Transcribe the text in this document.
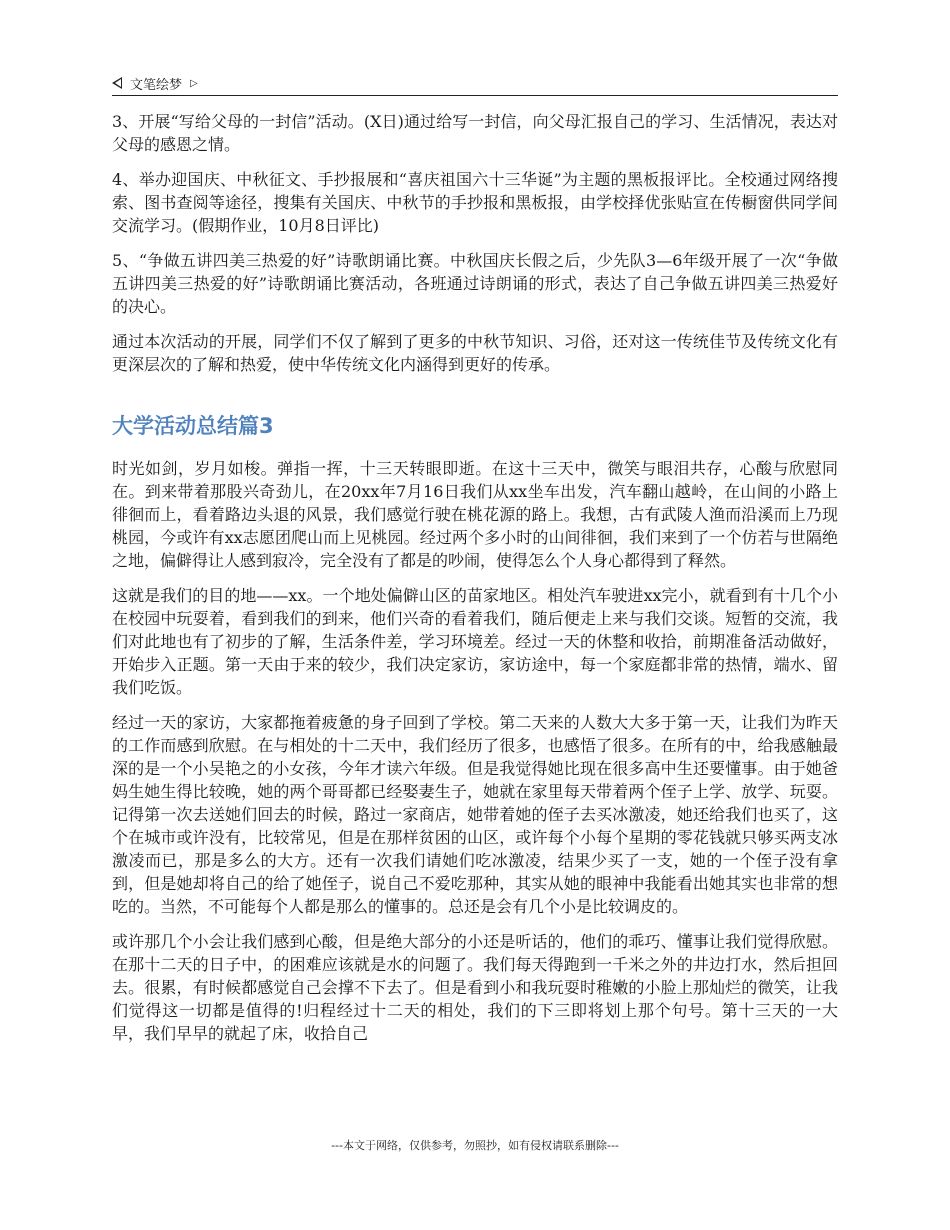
文笔绘梦 ▷

3、开展“写给父母的一封信”活动。(X日)通过给写一封信，向父母汇报自己的学习、生活情况，表达对父母的感恩之情。

4、举办迎国庆、中秋征文、手抄报展和“喜庆祖国六十三华诞”为主题的黑板报评比。全校通过网络搜索、图书查阅等途径，搜集有关国庆、中秋节的手抄报和黑板报，由学校择优张贴宣在传橱窗供同学间交流学习。(假期作业，10月8日评比)

5、“争做五讲四美三热爱的好”诗歌朗诵比赛。中秋国庆长假之后，少先队3—6年级开展了一次“争做五讲四美三热爱的好”诗歌朗诵比赛活动，各班通过诗朗诵的形式，表达了自己争做五讲四美三热爱好的决心。

通过本次活动的开展，同学们不仅了解到了更多的中秋节知识、习俗，还对这一传统佳节及传统文化有更深层次的了解和热爱，使中华传统文化内涵得到更好的传承。

大学活动总结篇3

时光如剑，岁月如梭。弹指一挥，十三天转眼即逝。在这十三天中，微笑与眼泪共存，心酸与欣慰同在。到来带着那股兴奇劲儿，在20xx年7月16日我们从xx坐车出发，汽车翻山越岭，在山间的小路上徘徊而上，看着路边头退的风景，我们感觉行驶在桃花源的路上。我想，古有武陵人渔而沿溪而上乃现桃园，今或许有xx志愿团爬山而上见桃园。经过两个多小时的山间徘徊，我们来到了一个仿若与世隔绝之地，偏僻得让人感到寂冷，完全没有了都是的吵闹，使得怎么个人身心都得到了释然。

这就是我们的目的地——xx。一个地处偏僻山区的苗家地区。相处汽车驶进xx完小，就看到有十几个小在校园中玩耍着，看到我们的到来，他们兴奇的看着我们，随后便走上来与我们交谈。短暂的交流，我们对此地也有了初步的了解，生活条件差，学习环境差。经过一天的休整和收拾，前期准备活动做好，开始步入正题。第一天由于来的较少，我们决定家访，家访途中，每一个家庭都非常的热情，端水、留我们吃饭。

经过一天的家访，大家都拖着疲惫的身子回到了学校。第二天来的人数大大多于第一天，让我们为昨天的工作而感到欣慰。在与相处的十二天中，我们经历了很多，也感悟了很多。在所有的中，给我感触最深的是一个小吴艳之的小女孩，今年才读六年级。但是我觉得她比现在很多高中生还要懂事。由于她爸妈生她生得比较晚，她的两个哥哥都已经娶妻生子，她就在家里每天带着两个侄子上学、放学、玩耍。记得第一次去送她们回去的时候，路过一家商店，她带着她的侄子去买冰激凌，她还给我们也买了，这个在城市或许没有，比较常见，但是在那样贫困的山区，或许每个小每个星期的零花钱就只够买两支冰激凌而已，那是多么的大方。还有一次我们请她们吃冰激凌，结果少买了一支，她的一个侄子没有拿到，但是她却将自己的给了她侄子，说自己不爱吃那种，其实从她的眼神中我能看出她其实也非常的想吃的。当然，不可能每个人都是那么的懂事的。总还是会有几个小是比较调皮的。

或许那几个小会让我们感到心酸，但是绝大部分的小还是听话的，他们的乖巧、懂事让我们觉得欣慰。在那十二天的日子中，的困难应该就是水的问题了。我们每天得跑到一千米之外的井边打水，然后担回去。很累，有时候都感觉自己会撑不下去了。但是看到小和我玩耍时稚嫩的小脸上那灿烂的微笑，让我们觉得这一切都是值得的!归程经过十二天的相处，我们的下三即将划上那个句号。第十三天的一大早，我们早早的就起了床，收拾自己

---本文于网络，仅供参考，勿照抄，如有侵权请联系删除---
